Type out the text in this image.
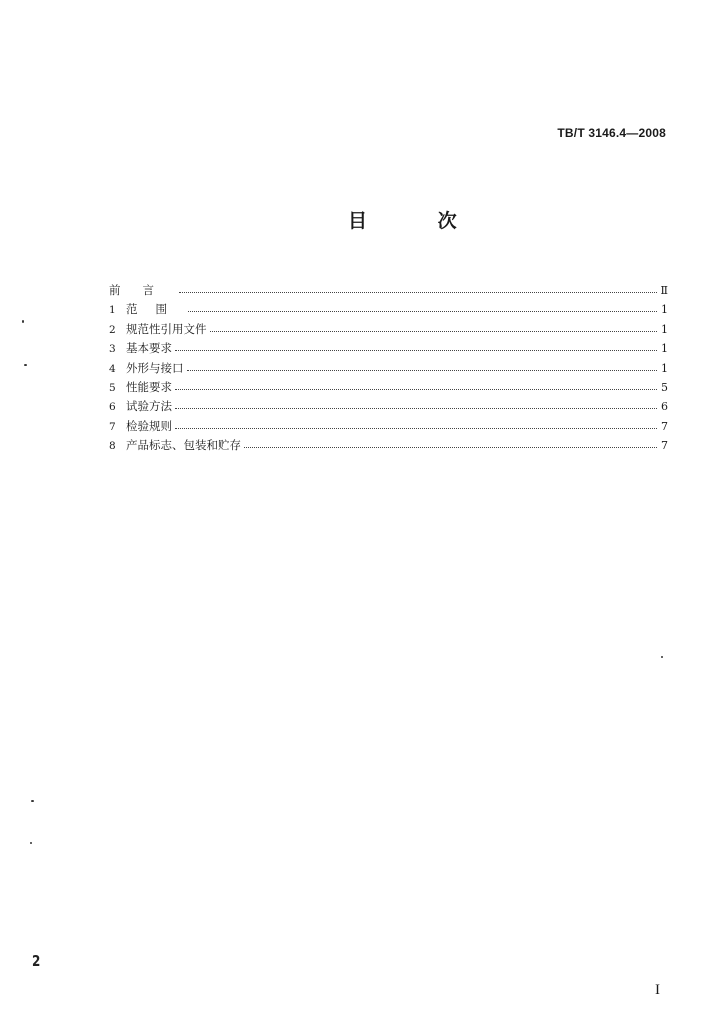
TB/T 3146.4—2008
目 次
前言	Ⅱ
1 范围	1
2 规范性引用文件	1
3 基本要求	1
4 外形与接口	1
5 性能要求	5
6 试验方法	6
7 检验规则	7
8 产品标志、包装和贮存	7
2
I
